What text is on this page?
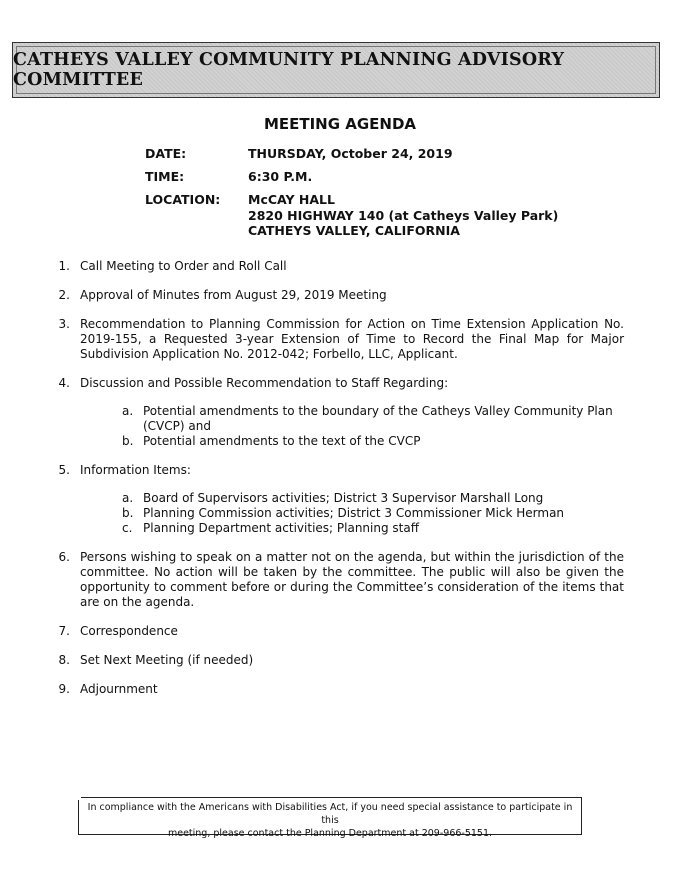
CATHEYS VALLEY COMMUNITY PLANNING ADVISORY COMMITTEE
MEETING AGENDA
DATE:	THURSDAY, October 24, 2019
TIME:	6:30 P.M.
LOCATION:	McCAY HALL
2820 HIGHWAY 140 (at Catheys Valley Park)
CATHEYS VALLEY, CALIFORNIA
1. Call Meeting to Order and Roll Call
2. Approval of Minutes from August 29, 2019 Meeting
3. Recommendation to Planning Commission for Action on Time Extension Application No. 2019-155, a Requested 3-year Extension of Time to Record the Final Map for Major Subdivision Application No. 2012-042; Forbello, LLC, Applicant.
4. Discussion and Possible Recommendation to Staff Regarding:
a. Potential amendments to the boundary of the Catheys Valley Community Plan (CVCP) and
b. Potential amendments to the text of the CVCP
5. Information Items:
a. Board of Supervisors activities; District 3 Supervisor Marshall Long
b. Planning Commission activities; District 3 Commissioner Mick Herman
c. Planning Department activities; Planning staff
6. Persons wishing to speak on a matter not on the agenda, but within the jurisdiction of the committee. No action will be taken by the committee. The public will also be given the opportunity to comment before or during the Committee’s consideration of the items that are on the agenda.
7. Correspondence
8. Set Next Meeting (if needed)
9. Adjournment
In compliance with the Americans with Disabilities Act, if you need special assistance to participate in this
meeting, please contact the Planning Department at 209-966-5151.
